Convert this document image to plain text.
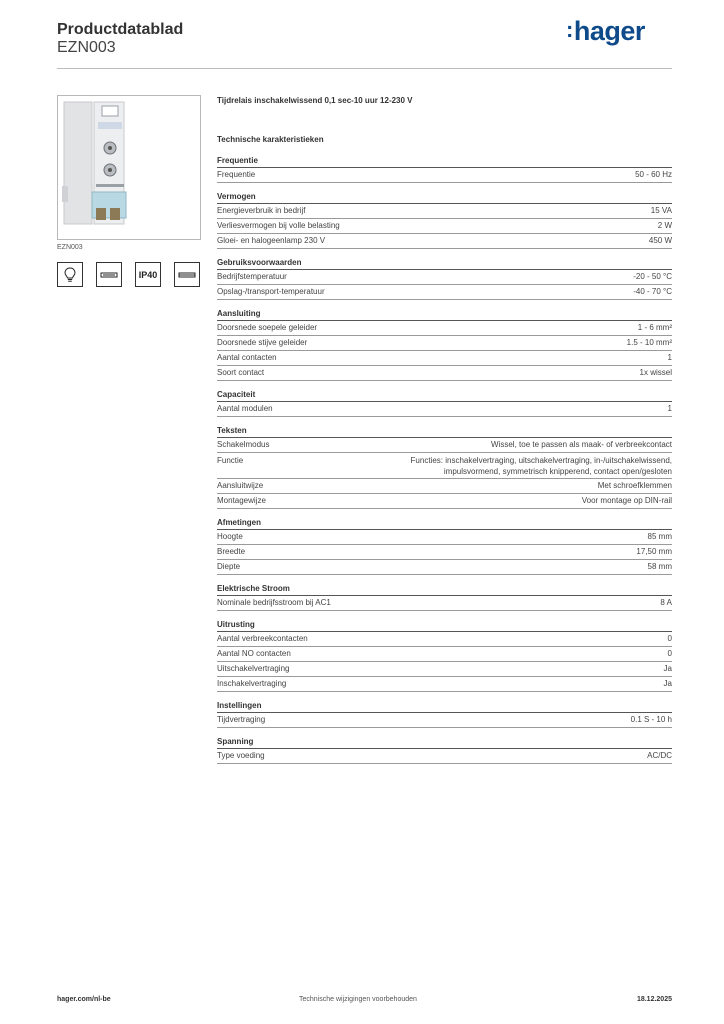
Productdatablad
EZN003
:hager
EZN003
IP40
Tijdrelais inschakelwissend 0,1 sec-10 uur 12-230 V
Technische karakteristieken
Frequentie
Frequentie	50 - 60 Hz
Vermogen
Energieverbruik in bedrijf	15 VA
Verliesvermogen bij volle belasting	2 W
Gloei- en halogeenlamp 230 V	450 W
Gebruiksvoorwaarden
Bedrijfstemperatuur	-20 - 50 °C
Opslag-/transport-temperatuur	-40 - 70 °C
Aansluiting
Doorsnede soepele geleider	1 - 6 mm²
Doorsnede stijve geleider	1.5 - 10 mm²
Aantal contacten	1
Soort contact	1x wissel
Capaciteit
Aantal modulen	1
Teksten
Schakelmodus	Wissel, toe te passen als maak- of verbreekcontact
Functie	Functies: inschakelvertraging, uitschakelvertraging, in-/uitschakelwissend, impulsvormend, symmetrisch knipperend, contact open/gesloten
Aansluitwijze	Met schroefklemmen
Montagewijze	Voor montage op DIN-rail
Afmetingen
Hoogte	85 mm
Breedte	17,50 mm
Diepte	58 mm
Elektrische Stroom
Nominale bedrijfsstroom bij AC1	8 A
Uitrusting
Aantal verbreekcontacten	0
Aantal NO contacten	0
Uitschakelvertraging	Ja
Inschakelvertraging	Ja
Instellingen
Tijdvertraging	0.1 S - 10 h
Spanning
Type voeding	AC/DC
hager.com/nl-be	Technische wijzigingen voorbehouden	18.12.2025
